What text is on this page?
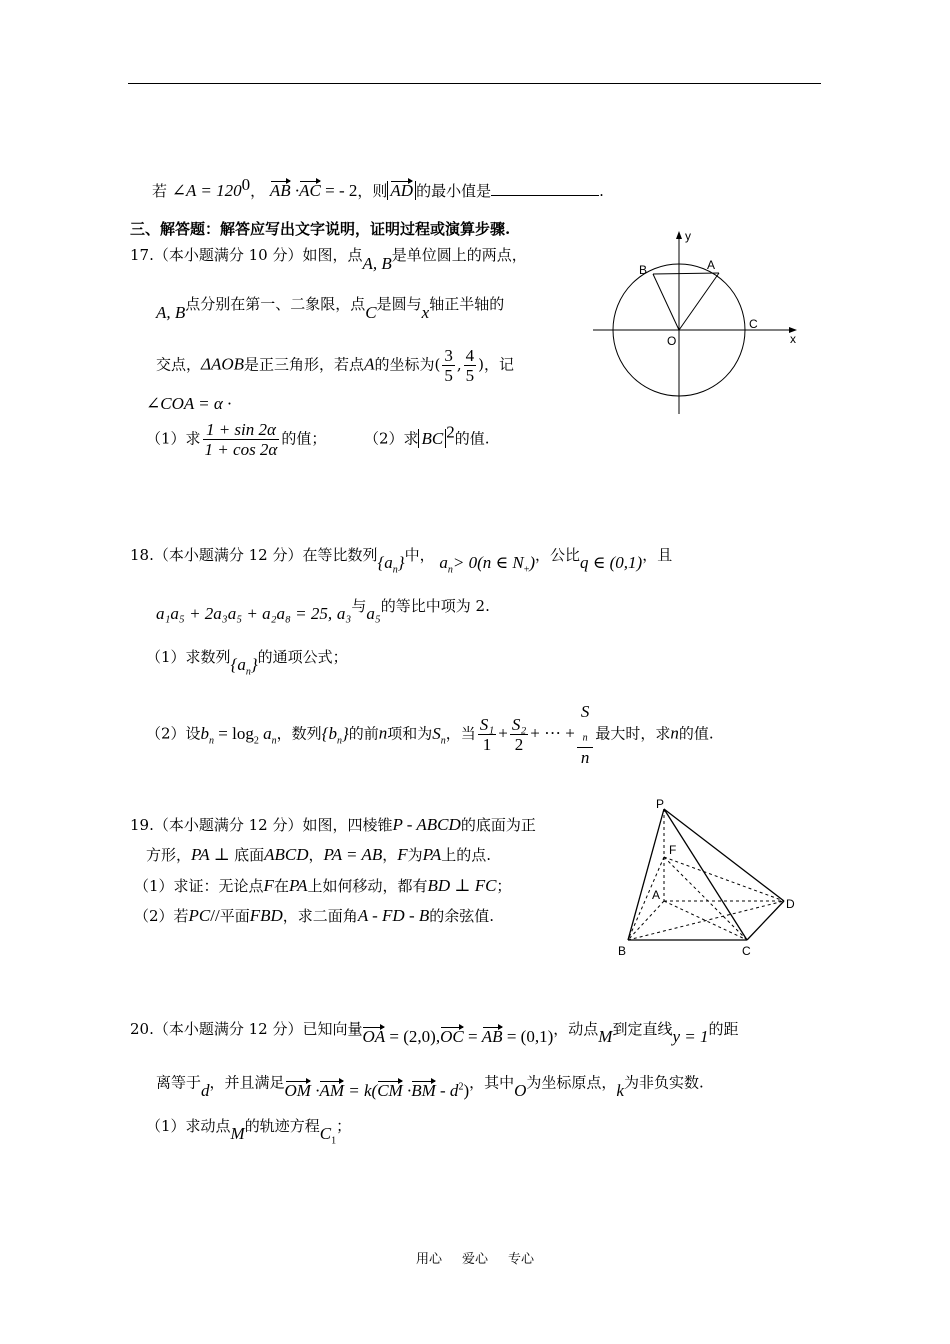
若 ∠A = $120^0$， AB ·AC = - 2，则 AD 的最小值是	.
三、解答题：解答应写出文字说明，证明过程或演算步骤.
17.（本小题满分 10 分）如图，点A, B是单位圆上的两点，
A, B点分别在第一、二象限，点C是圆与x轴正半轴的
交点，ΔAOB是正三角形，若点A的坐标为( $\frac{3}{5}$ , $\frac{4}{5}$ )，记
∠COA = α ·
（1）求 $\frac{1 + \sin 2\alpha}{1 + \cos 2\alpha}$ 的值；	（2）求 BC $^2$的值.
y
x
O
A
B
C
18.（本小题满分 12 分）在等比数列$\{a_n\}$中， $a_n> 0(n$ ∈ $N_+$)，公比q ∈ (0,1)，且
a₁a₅ + 2a₃a₅ + a₂a₈ = 25, a₃与a₅的等比中项为 2.
（1）求数列$\{a_n\}$的通项公式；
（2）设$b_n = \log_2 a_n$，数列$\{b_n\}$的前n项和为$S_n$，当 $\frac{\text{S₁}}{1} + \frac{\text{S₂}}{2}$ + ··· + S
$_n$
n 最大时，求n的值.
19.（本小题满分 12 分）如图，四棱锥P - ABCD的底面为正
方形，PA ⊥ 底面ABCD，PA = AB，F为PA上的点.
（1）求证：无论点F在PA上如何移动，都有BD ⊥ FC；
（2）若PC//平面FBD，求二面角A - FD - B的余弦值.
P
F
A
D
B	C
20.（本小题满分 12 分）已知向量OA = (2,0),OC = AB = (0,1)，动点M到定直线y = 1的距
离等于d，并且满足OM $\cdot AM = k(CM \cdot BM - d^2)$，其中O为坐标原点，k为非负实数.
（1）求动点M的轨迹方程$C_1$；
用心 爱心 专心
